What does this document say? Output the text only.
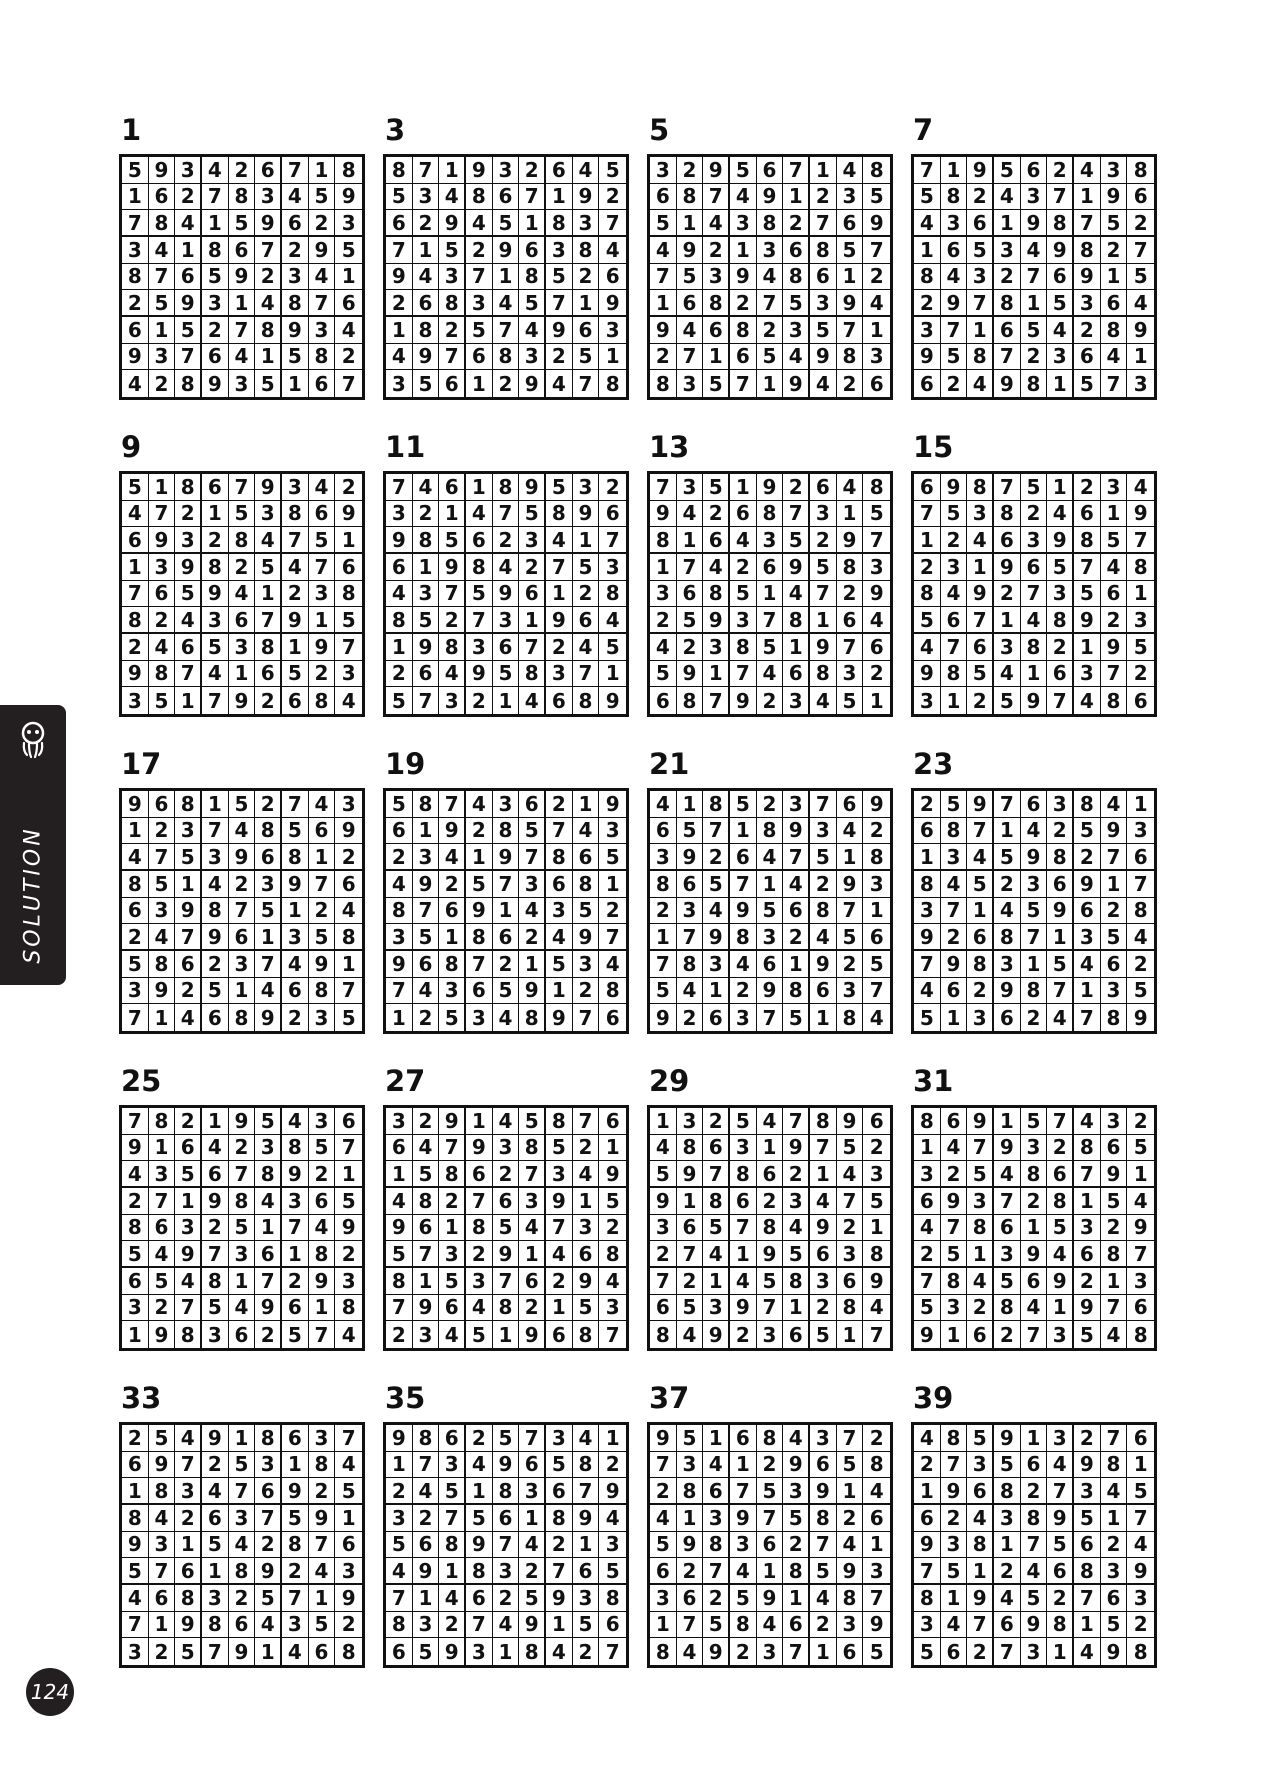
1
5 9 3 4 2 6 7 1 8
1 6 2 7 8 3 4 5 9
7 8 4 1 5 9 6 2 3
3 4 1 8 6 7 2 9 5
8 7 6 5 9 2 3 4 1
2 5 9 3 1 4 8 7 6
6 1 5 2 7 8 9 3 4
9 3 7 6 4 1 5 8 2
4 2 8 9 3 5 1 6 7
3
8 7 1 9 3 2 6 4 5
5 3 4 8 6 7 1 9 2
6 2 9 4 5 1 8 3 7
7 1 5 2 9 6 3 8 4
9 4 3 7 1 8 5 2 6
2 6 8 3 4 5 7 1 9
1 8 2 5 7 4 9 6 3
4 9 7 6 8 3 2 5 1
3 5 6 1 2 9 4 7 8
5
3 2 9 5 6 7 1 4 8
6 8 7 4 9 1 2 3 5
5 1 4 3 8 2 7 6 9
4 9 2 1 3 6 8 5 7
7 5 3 9 4 8 6 1 2
1 6 8 2 7 5 3 9 4
9 4 6 8 2 3 5 7 1
2 7 1 6 5 4 9 8 3
8 3 5 7 1 9 4 2 6
7
7 1 9 5 6 2 4 3 8
5 8 2 4 3 7 1 9 6
4 3 6 1 9 8 7 5 2
1 6 5 3 4 9 8 2 7
8 4 3 2 7 6 9 1 5
2 9 7 8 1 5 3 6 4
3 7 1 6 5 4 2 8 9
9 5 8 7 2 3 6 4 1
6 2 4 9 8 1 5 7 3
9
5 1 8 6 7 9 3 4 2
4 7 2 1 5 3 8 6 9
6 9 3 2 8 4 7 5 1
1 3 9 8 2 5 4 7 6
7 6 5 9 4 1 2 3 8
8 2 4 3 6 7 9 1 5
2 4 6 5 3 8 1 9 7
9 8 7 4 1 6 5 2 3
3 5 1 7 9 2 6 8 4
11
7 4 6 1 8 9 5 3 2
3 2 1 4 7 5 8 9 6
9 8 5 6 2 3 4 1 7
6 1 9 8 4 2 7 5 3
4 3 7 5 9 6 1 2 8
8 5 2 7 3 1 9 6 4
1 9 8 3 6 7 2 4 5
2 6 4 9 5 8 3 7 1
5 7 3 2 1 4 6 8 9
13
7 3 5 1 9 2 6 4 8
9 4 2 6 8 7 3 1 5
8 1 6 4 3 5 2 9 7
1 7 4 2 6 9 5 8 3
3 6 8 5 1 4 7 2 9
2 5 9 3 7 8 1 6 4
4 2 3 8 5 1 9 7 6
5 9 1 7 4 6 8 3 2
6 8 7 9 2 3 4 5 1
15
6 9 8 7 5 1 2 3 4
7 5 3 8 2 4 6 1 9
1 2 4 6 3 9 8 5 7
2 3 1 9 6 5 7 4 8
8 4 9 2 7 3 5 6 1
5 6 7 1 4 8 9 2 3
4 7 6 3 8 2 1 9 5
9 8 5 4 1 6 3 7 2
3 1 2 5 9 7 4 8 6
17
9 6 8 1 5 2 7 4 3
1 2 3 7 4 8 5 6 9
4 7 5 3 9 6 8 1 2
8 5 1 4 2 3 9 7 6
6 3 9 8 7 5 1 2 4
2 4 7 9 6 1 3 5 8
5 8 6 2 3 7 4 9 1
3 9 2 5 1 4 6 8 7
7 1 4 6 8 9 2 3 5
19
5 8 7 4 3 6 2 1 9
6 1 9 2 8 5 7 4 3
2 3 4 1 9 7 8 6 5
4 9 2 5 7 3 6 8 1
8 7 6 9 1 4 3 5 2
3 5 1 8 6 2 4 9 7
9 6 8 7 2 1 5 3 4
7 4 3 6 5 9 1 2 8
1 2 5 3 4 8 9 7 6
21
4 1 8 5 2 3 7 6 9
6 5 7 1 8 9 3 4 2
3 9 2 6 4 7 5 1 8
8 6 5 7 1 4 2 9 3
2 3 4 9 5 6 8 7 1
1 7 9 8 3 2 4 5 6
7 8 3 4 6 1 9 2 5
5 4 1 2 9 8 6 3 7
9 2 6 3 7 5 1 8 4
23
2 5 9 7 6 3 8 4 1
6 8 7 1 4 2 5 9 3
1 3 4 5 9 8 2 7 6
8 4 5 2 3 6 9 1 7
3 7 1 4 5 9 6 2 8
9 2 6 8 7 1 3 5 4
7 9 8 3 1 5 4 6 2
4 6 2 9 8 7 1 3 5
5 1 3 6 2 4 7 8 9
25
7 8 2 1 9 5 4 3 6
9 1 6 4 2 3 8 5 7
4 3 5 6 7 8 9 2 1
2 7 1 9 8 4 3 6 5
8 6 3 2 5 1 7 4 9
5 4 9 7 3 6 1 8 2
6 5 4 8 1 7 2 9 3
3 2 7 5 4 9 6 1 8
1 9 8 3 6 2 5 7 4
27
3 2 9 1 4 5 8 7 6
6 4 7 9 3 8 5 2 1
1 5 8 6 2 7 3 4 9
4 8 2 7 6 3 9 1 5
9 6 1 8 5 4 7 3 2
5 7 3 2 9 1 4 6 8
8 1 5 3 7 6 2 9 4
7 9 6 4 8 2 1 5 3
2 3 4 5 1 9 6 8 7
29
1 3 2 5 4 7 8 9 6
4 8 6 3 1 9 7 5 2
5 9 7 8 6 2 1 4 3
9 1 8 6 2 3 4 7 5
3 6 5 7 8 4 9 2 1
2 7 4 1 9 5 6 3 8
7 2 1 4 5 8 3 6 9
6 5 3 9 7 1 2 8 4
8 4 9 2 3 6 5 1 7
31
8 6 9 1 5 7 4 3 2
1 4 7 9 3 2 8 6 5
3 2 5 4 8 6 7 9 1
6 9 3 7 2 8 1 5 4
4 7 8 6 1 5 3 2 9
2 5 1 3 9 4 6 8 7
7 8 4 5 6 9 2 1 3
5 3 2 8 4 1 9 7 6
9 1 6 2 7 3 5 4 8
33
2 5 4 9 1 8 6 3 7
6 9 7 2 5 3 1 8 4
1 8 3 4 7 6 9 2 5
8 4 2 6 3 7 5 9 1
9 3 1 5 4 2 8 7 6
5 7 6 1 8 9 2 4 3
4 6 8 3 2 5 7 1 9
7 1 9 8 6 4 3 5 2
3 2 5 7 9 1 4 6 8
35
9 8 6 2 5 7 3 4 1
1 7 3 4 9 6 5 8 2
2 4 5 1 8 3 6 7 9
3 2 7 5 6 1 8 9 4
5 6 8 9 7 4 2 1 3
4 9 1 8 3 2 7 6 5
7 1 4 6 2 5 9 3 8
8 3 2 7 4 9 1 5 6
6 5 9 3 1 8 4 2 7
37
9 5 1 6 8 4 3 7 2
7 3 4 1 2 9 6 5 8
2 8 6 7 5 3 9 1 4
4 1 3 9 7 5 8 2 6
5 9 8 3 6 2 7 4 1
6 2 7 4 1 8 5 9 3
3 6 2 5 9 1 4 8 7
1 7 5 8 4 6 2 3 9
8 4 9 2 3 7 1 6 5
39
4 8 5 9 1 3 2 7 6
2 7 3 5 6 4 9 8 1
1 9 6 8 2 7 3 4 5
6 2 4 3 8 9 5 1 7
9 3 8 1 7 5 6 2 4
7 5 1 2 4 6 8 3 9
8 1 9 4 5 2 7 6 3
3 4 7 6 9 8 1 5 2
5 6 2 7 3 1 4 9 8
SOLUTION
124
